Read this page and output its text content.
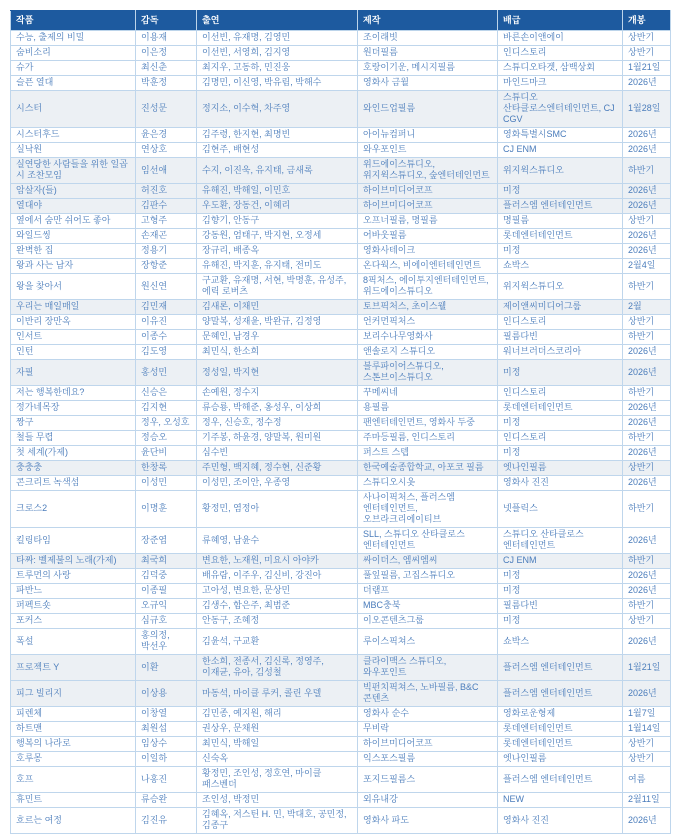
작품	감독	출연	제작	배급	개봉
수능, 출제의 비밀	이용재	이선빈, 유재명, 김영민	조이래빗	바른손이앤에이	상반기
숨비소리	이은정	이선빈, 서영희, 김지영	원더필름	인디스토리	상반기
슈가	최신춘	최지우, 고동하, 민진웅	호랑이기운, 메시지필름	스튜디오타겟, 삼백상회	1월21일
슬픈 열대	박훈정	김명민, 이신영, 박유림, 박해수	영화사 금월	마인드마크	2026년
시스터	진성문	정지소, 이수혁, 차주영	와인드업필름	스튜디오 산타클로스엔터테인먼트, CJ CGV	1월28일
시스터후드	윤은경	김주령, 한지현, 최명빈	아이뉴컴퍼니	영화특별시SMC	2026년
실낙원	연상호	김현주, 배현성	와우포인트	CJ ENM	2026년
실연당한 사람들을 위한 일곱 시 조찬모임	임선애	수지, 이진욱, 유지태, 금새록	위드에이스튜디오, 위지윅스튜디오, 숲엔터테인먼트	위지윅스튜디오	하반기
암살자(들)	허진호	유해진, 박해일, 이민호	하이브미디어코프	미정	2026년
열대야	김판수	우도환, 장동건, 이혜리	하이브미디어코프	플러스엠 엔터테인먼트	2026년
옆에서 숨만 쉬어도 좋아	고형주	김향기, 안동구	오프너필름, 명필름	명필름	상반기
와일드씽	손재곤	강동원, 엄태구, 박지현, 오정세	어바웃필름	롯데엔터테인먼트	2026년
완벽한 집	정용기	장규리, 배종옥	영화사테이크	미정	2026년
왕과 사는 남자	장항준	유해진, 박지훈, 유지태, 전미도	온다웍스, 비에이엔터테인먼트	쇼박스	2월4일
왕을 찾아서	원신연	구교환, 유재명, 서현, 박명훈, 유성주, 에릭 로버츠	8픽처스, 에이투지엔터테인먼트, 위드에이스튜디오	위지윅스튜디오	하반기
우리는 매일매일	김민재	김새론, 이채민	토브픽처스, 초이스웰	제이앤씨미디어그룹	2월
이반리 장만옥	이유진	양말복, 성재윤, 박완규, 김정영	언커먼픽처스	인디스토리	상반기
인서트	이종수	문혜인, 남경우	보리수나무영화사	필름다빈	하반기
인턴	김도영	최민식, 한소희	앤솔로지 스튜디오	워너브러더스코리아	2026년
자필	홍성민	정성일, 박지현	블루파이어스튜디오, 스톤브이스튜디오	미정	2026년
저는 행복한데요?	신승은	손예원, 정수지	꾸메씨네	인디스토리	하반기
정가네목장	김지현	류승룡, 박해준, 옹성우, 이상희	용필름	롯데엔터테인먼트	2026년
짱구	정우, 오성호	정우, 신승호, 정수정	팬엔터테인먼트, 영화사 두중	미정	2026년
철들 무렵	정승오	기주봉, 하윤경, 양말복, 원미원	주마등필름, 인디스토리	인디스토리	하반기
첫 세계(가제)	윤단비	심수빈	퍼스트 스텝	미정	2026년
충충충	한창록	주민형, 백지혜, 정수현, 신준황	한국예술종합학교, 아포코 필름	엣나인필름	상반기
콘크리트 녹색섬	이성민	이성민, 조이안, 우종영	스튜디오시옷	영화사 진진	2026년
크로스2	이명훈	황정민, 염정아	사나이픽처스, 플러스엠 엔터테인먼트, 오브라크리에이티브	넷플릭스	하반기
킬링타임	장준엽	류혜영, 남윤수	SLL, 스튜디오 산타클로스 엔터테인먼트	스튜디오 산타클로스 엔터테인먼트	2026년
타짜: 벨제불의 노래(가제)	최국희	변요한, 노재원, 미요시 아야카	싸이더스, 엠씨엠씨	CJ ENM	하반기
트루먼의 사랑	김덕중	배유람, 이주우, 김신비, 강진아	풀잎필름, 고집스튜디오	미정	2026년
파반느	이종필	고아성, 변요한, 문상민	더램프	미정	2026년
퍼펙트숏	오규익	김생수, 함은주, 최범준	MBC충북	필름다빈	하반기
포커스	심규호	안동구, 조혜정	이오콘텐츠그룹	미정	상반기
폭설	홍의정, 박선우	김윤석, 구교환	루이스픽쳐스	쇼박스	2026년
프로젝트 Y	이환	한소희, 전종서, 김신록, 정영주, 이재균, 유아, 김성철	클라이맥스 스튜디오, 와우포인트	플러스엠 엔터테인먼트	1월21일
피그 빌리지	이상용	마동석, 마이클 루커, 콜린 우델	빅펀치픽쳐스, 노바필름, B&C 콘텐츠	플러스엠 엔터테인먼트	2026년
피렌체	이창열	김민종, 예지원, 해리	영화사 순수	영화로운형제	1월7일
하트맨	최원섭	권상우, 문채원	무비락	롯데엔터테인먼트	1월14일
행복의 나라로	임상수	최민식, 박해일	하이브미디어코프	롯데엔터테인먼트	상반기
호루몽	이일하	신숙옥	익스포스필름	엣나인필름	상반기
호프	나홍진	황정민, 조인성, 정호연, 마이클 패스벤더	포지드필름스	플러스엠 엔터테인먼트	여름
휴민트	류승완	조인성, 박정민	외유내강	NEW	2월11일
흐르는 여정	김진유	김혜옥, 저스틴 H. 민, 박대호, 공민정, 김종구	영화사 파도	영화사 진진	2026년
